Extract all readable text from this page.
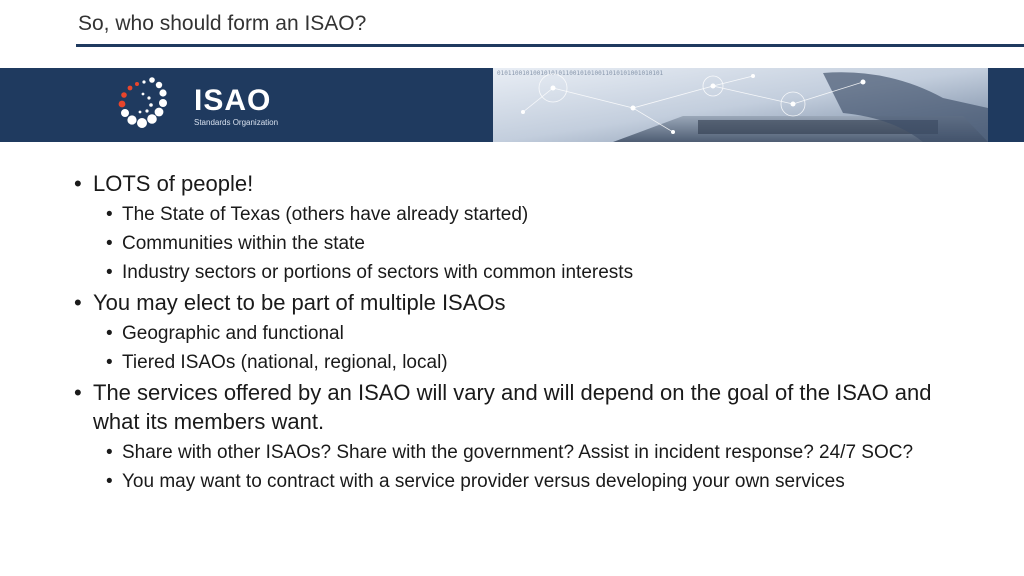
So, who should form an ISAO?
ISAO
Standards Organization
0101100101001010101100101010011010101001010101
• LOTS of people!
• The State of Texas (others have already started)
• Communities within the state
• Industry sectors or portions of sectors with common interests
• You may elect to be part of multiple ISAOs
• Geographic and functional
• Tiered ISAOs (national, regional, local)
• The services offered by an ISAO will vary and will depend on the goal of the ISAO and what its members want.
• Share with other ISAOs? Share with the government? Assist in incident response? 24/7 SOC?
• You may want to contract with a service provider versus developing your own services
